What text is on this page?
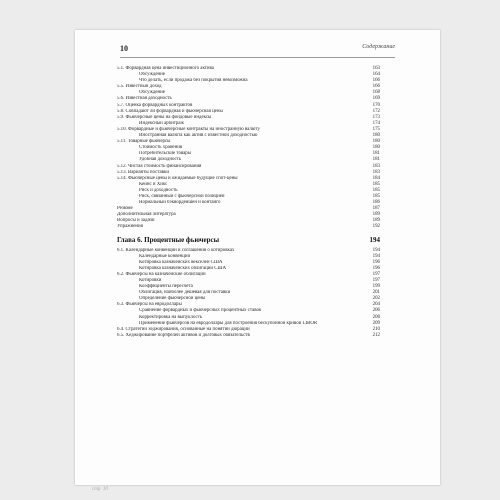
10	Содержание
5.1. Форвардная цена инвестиционного актива	163
Обсуждение	164
Что делать, если продажа без покрытия невозможна	166
5.5. Известный доход	166
Обсуждение	168
5.6. Известная доходность	169
5.7. Оценка форвардных контрактов	170
5.8. Совпадают ли форвардная и фьючерсная цены	172
5.9. Фьючерсные цены на фондовые индексы	173
Индексный арбитраж	174
5.10. Форвардные и фьючерсные контракты на иностранную валюту	175
Иностранная валюта как актив с известной доходностью	180
5.11. Товарные фьючерсы	180
Стоимость хранения	180
Потребительские товары	181
Удобная доходность	181
5.12. Чистая стоимость финансирования	183
5.13. Варианты поставки	183
5.14. Фьючерсные цены и ожидаемые будущие спот-цены	184
Кейнс и Хикс	185
Риск и доходность	185
Риск, связанный с фьючерсной позицией	185
Нормальный бэквордейшен и контанго	186
Резюме	187
Дополнительная литература	189
Вопросы и задачи	189
Упражнения	192
Глава 6. Процентные фьючерсы	194
6.1. Календарные конвенции и соглашения о котировках	194
Календарные конвенции	194
Котировка казначейских векселей США	196
Котировка казначейских облигаций США	196
6.2. Фьючерсы на казначейские облигации	197
Котировки	197
Коэффициенты пересчета	199
Облигация, наиболее дешевая для поставки	201
Определение фьючерсной цены	202
6.3. Фьючерсы на евродоллары	204
Сравнение форвардных и фьючерсных процентных ставок	206
Корректировка на выпуклость	208
Применение фьючерсов на евродоллары для построения бескупонной кривой LIBOR	209
6.4. Стратегии хеджирования, основанные на понятии дюрации	210
6.5. Хеджирование портфелей активов и долговых обязательств	212
стр. 10
